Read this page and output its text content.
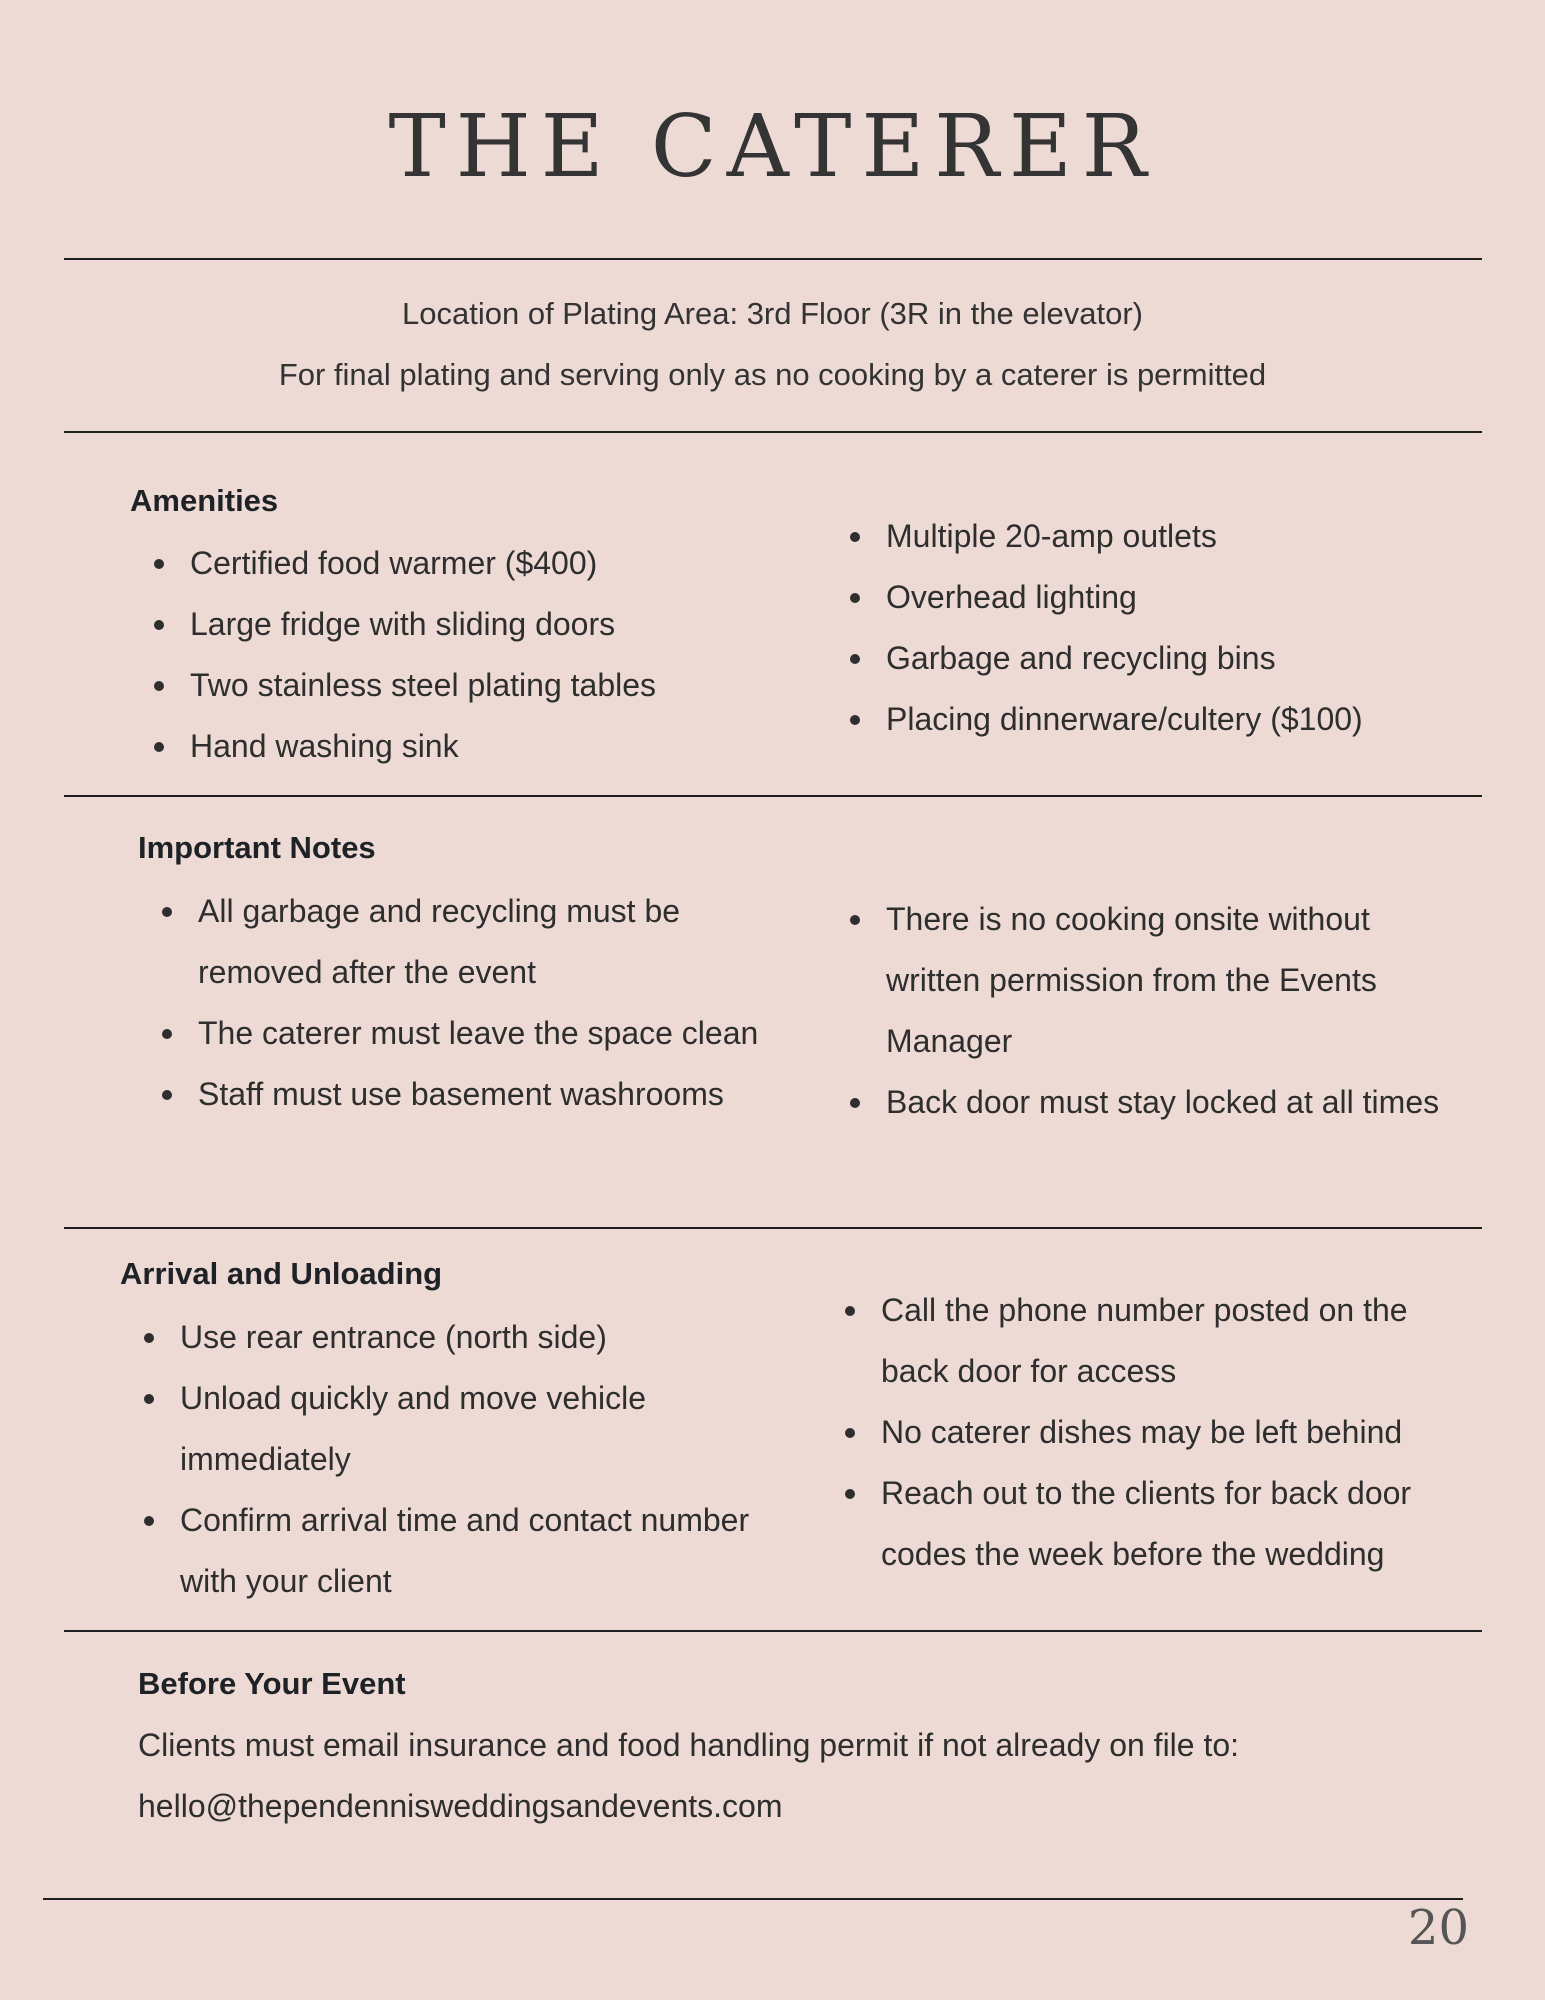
THE CATERER
Location of Plating Area: 3rd Floor (3R in the elevator)
For final plating and serving only as no cooking by a caterer is permitted
Amenities
Certified food warmer ($400)
Large fridge with sliding doors
Two stainless steel plating tables
Hand washing sink
Multiple 20-amp outlets
Overhead lighting
Garbage and recycling bins
Placing dinnerware/cultery ($100)
Important Notes
All garbage and recycling must be removed after the event
The caterer must leave the space clean
Staff must use basement washrooms
There is no cooking onsite without written permission from the Events Manager
Back door must stay locked at all times
Arrival and Unloading
Use rear entrance (north side)
Unload quickly and move vehicle immediately
Confirm arrival time and contact number with your client
Call the phone number posted on the back door for access
No caterer dishes may be left behind
Reach out to the clients for back door codes the week before the wedding
Before Your Event
Clients must email insurance and food handling permit if not already on file to:
hello@thependennisweddingsandevents.com
20
